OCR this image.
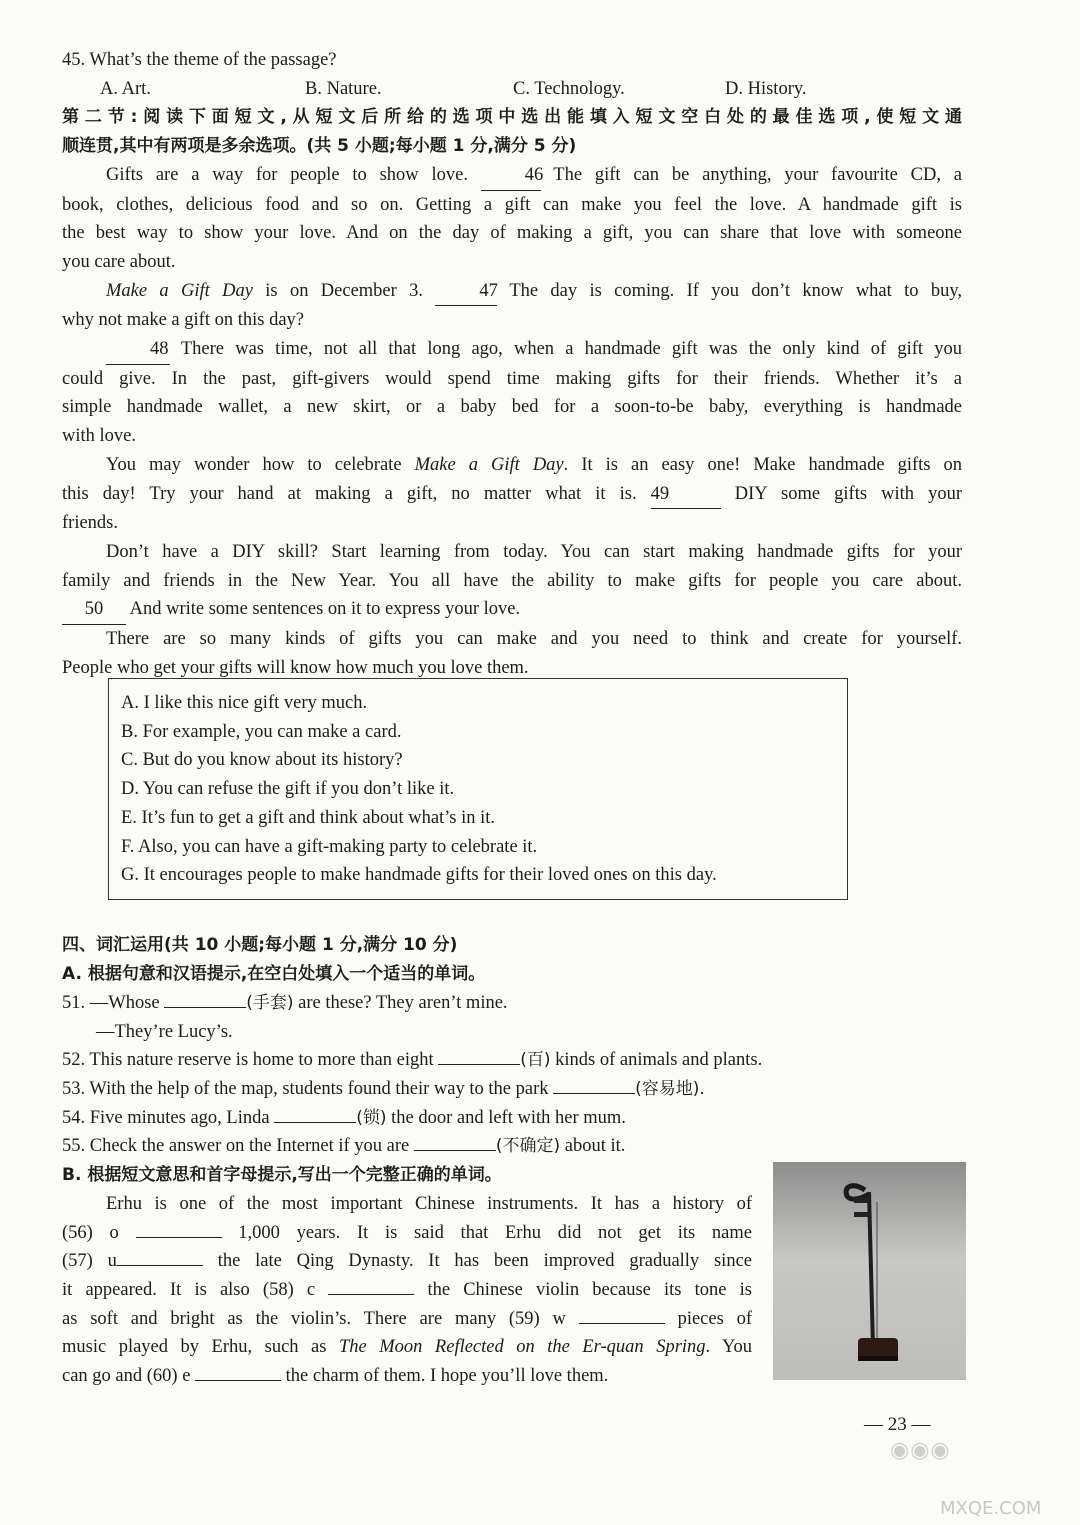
45. What’s the theme of the passage?
A. Art.	B. Nature.	C. Technology.	D. History.
第二节:阅读下面短文,从短文后所给的选项中选出能填入短文空白处的最佳选项,使短文通
顺连贯,其中有两项是多余选项。(共 5 小题;每小题 1 分,满分 5 分)
Gifts are a way for people to show love.	46 The gift can be anything, your favourite CD, a
book, clothes, delicious food and so on. Getting a gift can make you feel the love. A handmade gift is
the best way to show your love. And on the day of making a gift, you can share that love with someone
you care about.
Make a Gift Day is on December 3.	47 The day is coming. If you don’t know what to buy,
why not make a gift on this day?
48 There was time, not all that long ago, when a handmade gift was the only kind of gift you
could give. In the past, gift-givers would spend time making gifts for their friends. Whether it’s a
simple handmade wallet, a new skirt, or a baby bed for a soon-to-be baby, everything is handmade
with love.
You may wonder how to celebrate Make a Gift Day. It is an easy one! Make handmade gifts on
this day! Try your hand at making a gift, no matter what it is. 49	DIY some gifts with your
friends.
Don’t have a DIY skill? Start learning from today. You can start making handmade gifts for your
family and friends in the New Year. You all have the ability to make gifts for people you care about.
50 And write some sentences on it to express your love.
There are so many kinds of gifts you can make and you need to think and create for yourself.
People who get your gifts will know how much you love them.
四、词汇运用(共 10 小题;每小题 1 分,满分 10 分)
A. 根据句意和汉语提示,在空白处填入一个适当的单词。
51. —Whose	(手套) are these? They aren’t mine.
—They’re Lucy’s.
52. This nature reserve is home to more than eight	(百) kinds of animals and plants.
53. With the help of the map, students found their way to the park	(容易地).
54. Five minutes ago, Linda	(锁) the door and left with her mum.
55. Check the answer on the Internet if you are	(不确定) about it.
B. 根据短文意思和首字母提示,写出一个完整正确的单词。
Erhu is one of the most important Chinese instruments. It has a history of
(56) o	1,000 years. It is said that Erhu did not get its name
(57) u	the late Qing Dynasty. It has been improved gradually since
it appeared. It is also (58) c	the Chinese violin because its tone is
as soft and bright as the violin’s. There are many (59) w	pieces of
music played by Erhu, such as The Moon Reflected on the Er-quan Spring. You
can go and (60) e	the charm of them. I hope you’ll love them.
A. I like this nice gift very much.
B. For example, you can make a card.
C. But do you know about its history?
D. You can refuse the gift if you don’t like it.
E. It’s fun to get a gift and think about what’s in it.
F. Also, you can have a gift-making party to celebrate it.
G. It encourages people to make handmade gifts for their loved ones on this day.
— 23 —
◉◉◉
MXQE.COM
